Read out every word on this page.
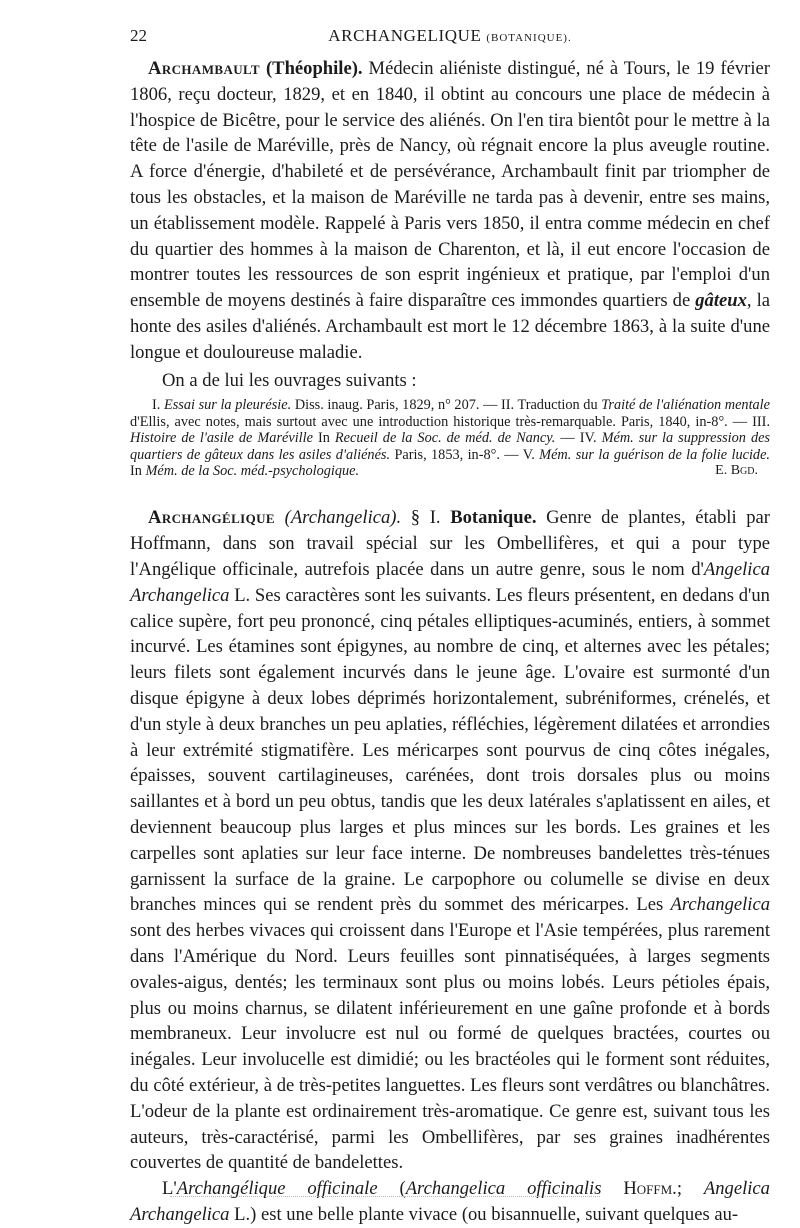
22	ARCHANGELIQUE (BOTANIQUE).

Archambault (Théophile). Médecin aliéniste distingué, né à Tours, le 19 février 1806, reçu docteur, 1829, et en 1840, il obtint au concours une place de médecin à l'hospice de Bicêtre, pour le service des aliénés. On l'en tira bientôt pour le mettre à la tête de l'asile de Maréville, près de Nancy, où régnait encore la plus aveugle routine. A force d'énergie, d'habileté et de persévérance, Archambault finit par triompher de tous les obstacles, et la maison de Maréville ne tarda pas à devenir, entre ses mains, un établissement modèle. Rappelé à Paris vers 1850, il entra comme médecin en chef du quartier des hommes à la maison de Charenton, et là, il eut encore l'occasion de montrer toutes les ressources de son esprit ingénieux et pratique, par l'emploi d'un ensemble de moyens destinés à faire disparaître ces immondes quartiers de gâteux, la honte des asiles d'aliénés. Archambault est mort le 12 décembre 1863, à la suite d'une longue et douloureuse maladie.

On a de lui les ouvrages suivants :

I. Essai sur la pleurésie. Diss. inaug. Paris, 1829, n° 207. — II. Traduction du Traité de l'aliénation mentale d'Ellis, avec notes, mais surtout avec une introduction historique très-remarquable. Paris, 1840, in-8°. — III. Histoire de l'asile de Maréville In Recueil de la Soc. de méd. de Nancy. — IV. Mém. sur la suppression des quartiers de gâteux dans les asiles d'aliénés. Paris, 1853, in-8°. — V. Mém. sur la guérison de la folie lucide. In Mém. de la Soc. méd.-psychologique.	E. Bgd.

Archangélique (Archangelica). § I. Botanique. Genre de plantes, établi par Hoffmann, dans son travail spécial sur les Ombellifères, et qui a pour type l'Angélique officinale, autrefois placée dans un autre genre, sous le nom d'Angelica Archangelica L. Ses caractères sont les suivants. Les fleurs présentent, en dedans d'un calice supère, fort peu prononcé, cinq pétales elliptiques-acuminés, entiers, à sommet incurvé. Les étamines sont épigynes, au nombre de cinq, et alternes avec les pétales; leurs filets sont également incurvés dans le jeune âge. L'ovaire est surmonté d'un disque épigyne à deux lobes déprimés horizontalement, subréniformes, crénelés, et d'un style à deux branches un peu aplaties, réfléchies, légèrement dilatées et arrondies à leur extrémité stigmatifère. Les méricarpes sont pourvus de cinq côtes inégales, épaisses, souvent cartilagineuses, carénées, dont trois dorsales plus ou moins saillantes et à bord un peu obtus, tandis que les deux latérales s'aplatissent en ailes, et deviennent beaucoup plus larges et plus minces sur les bords. Les graines et les carpelles sont aplaties sur leur face interne. De nombreuses bandelettes très-ténues garnissent la surface de la graine. Le carpophore ou columelle se divise en deux branches minces qui se rendent près du sommet des méricarpes. Les Archangelica sont des herbes vivaces qui croissent dans l'Europe et l'Asie tempérées, plus rarement dans l'Amérique du Nord. Leurs feuilles sont pinnatiséquées, à larges segments ovales-aigus, dentés; les terminaux sont plus ou moins lobés. Leurs pétioles épais, plus ou moins charnus, se dilatent inférieurement en une gaîne profonde et à bords membraneux. Leur involucre est nul ou formé de quelques bractées, courtes ou inégales. Leur involucelle est dimidié; ou les bractéoles qui le forment sont réduites, du côté extérieur, à de très-petites languettes. Les fleurs sont verdâtres ou blanchâtres. L'odeur de la plante est ordinairement très-aromatique. Ce genre est, suivant tous les auteurs, très-caractérisé, parmi les Ombellifères, par ses graines inadhérentes couvertes de quantité de bandelettes.

L'Archangélique officinale (Archangelica officinalis Hoffm.; Angelica Archangelica L.) est une belle plante vivace (ou bisannuelle, suivant quelques au-
